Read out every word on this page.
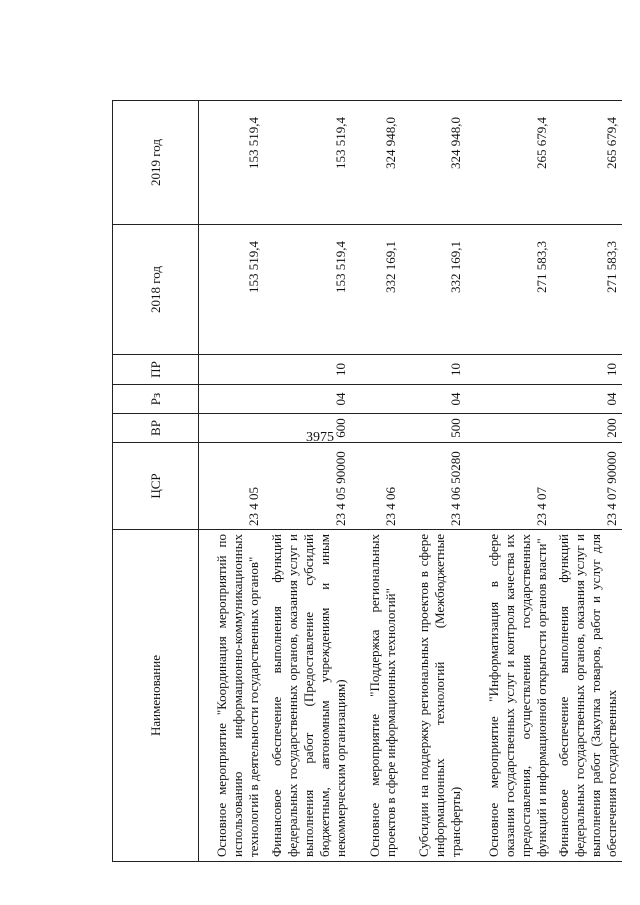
3975
Наименование	ЦСР	ВР	Рз	ПР	2018 год	2019 год

Основное мероприятие "Координация мероприятий по использованию информационно-коммуникационных технологий в деятельности государственных органов"	23 4 05				153 519,4	153 519,4

Финансовое обеспечение выполнения функций федеральных государственных органов, оказания услуг и выполнения работ (Предоставление субсидий бюджетным, автономным учреждениям и иным некоммерческим организациям)	23 4 05 90000	600	04	10	153 519,4	153 519,4

Основное мероприятие "Поддержка региональных проектов в сфере информационных технологий"	23 4 06				332 169,1	324 948,0

Субсидии на поддержку региональных проектов в сфере информационных технологий (Межбюджетные трансферты)	23 4 06 50280	500	04	10	332 169,1	324 948,0

Основное мероприятие "Информатизация в сфере оказания государственных услуг и контроля качества их предоставления, осуществления государственных функций и информационной открытости органов власти"	23 4 07				271 583,3	265 679,4

Финансовое обеспечение выполнения функций федеральных государственных органов, оказания услуг и выполнения работ (Закупка товаров, работ и услуг для обеспечения государственных	23 4 07 90000	200	04	10	271 583,3	265 679,4
